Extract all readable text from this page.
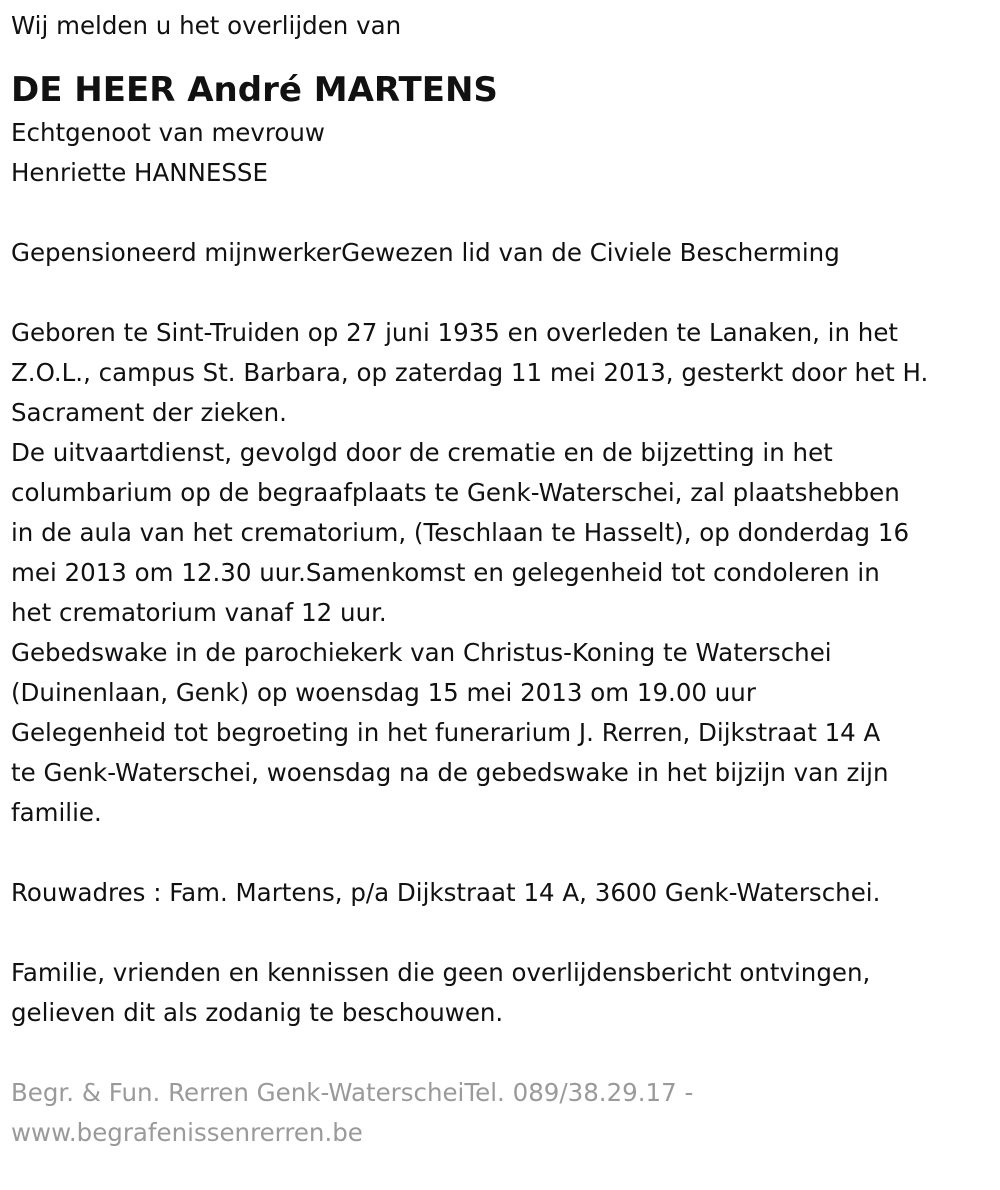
Wij melden u het overlijden van

DE HEER André MARTENS

Echtgenoot van mevrouw

Henriette HANNESSE

Gepensioneerd mijnwerkerGewezen lid van de Civiele Bescherming

Geboren te Sint-Truiden op 27 juni 1935 en overleden te Lanaken, in het

Z.O.L., campus St. Barbara, op zaterdag 11 mei 2013, gesterkt door het H.

Sacrament der zieken.

De uitvaartdienst, gevolgd door de crematie en de bijzetting in het

columbarium op de begraafplaats te Genk-Waterschei, zal plaatshebben

in de aula van het crematorium, (Teschlaan te Hasselt), op donderdag 16

mei 2013 om 12.30 uur.Samenkomst en gelegenheid tot condoleren in

het crematorium vanaf 12 uur.

Gebedswake in de parochiekerk van Christus-Koning te Waterschei

(Duinenlaan, Genk) op woensdag 15 mei 2013 om 19.00 uur

Gelegenheid tot begroeting in het funerarium J. Rerren, Dijkstraat 14 A

te Genk-Waterschei, woensdag na de gebedswake in het bijzijn van zijn

familie.

Rouwadres : Fam. Martens, p/a Dijkstraat 14 A, 3600 Genk-Waterschei.

Familie, vrienden en kennissen die geen overlijdensbericht ontvingen,

gelieven dit als zodanig te beschouwen.

Begr. & Fun. Rerren Genk-WaterscheiTel. 089/38.29.17 -

www.begrafenissenrerren.be
